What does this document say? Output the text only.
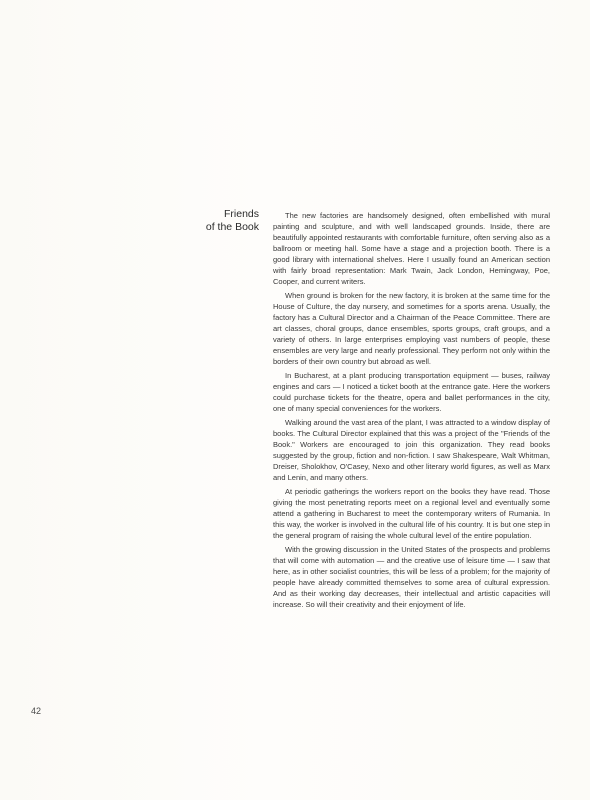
Friends
of the Book

The new factories are handsomely designed, often embellished with mural painting and sculpture, and with well landscaped grounds. Inside, there are beautifully appointed restaurants with comfortable furniture, often serving also as a ballroom or meeting hall. Some have a stage and a projection booth. There is a good library with international shelves. Here I usually found an American section with fairly broad representation: Mark Twain, Jack London, Hemingway, Poe, Cooper, and current writers.

When ground is broken for the new factory, it is broken at the same time for the House of Culture, the day nursery, and sometimes for a sports arena. Usually, the factory has a Cultural Director and a Chairman of the Peace Committee. There are art classes, choral groups, dance ensembles, sports groups, craft groups, and a variety of others. In large enterprises employing vast numbers of people, these ensembles are very large and nearly professional. They perform not only within the borders of their own country but abroad as well.

In Bucharest, at a plant producing transportation equipment — buses, railway engines and cars — I noticed a ticket booth at the entrance gate. Here the workers could purchase tickets for the theatre, opera and ballet performances in the city, one of many special conveniences for the workers.

Walking around the vast area of the plant, I was attracted to a window display of books. The Cultural Director explained that this was a project of the "Friends of the Book." Workers are encouraged to join this organization. They read books suggested by the group, fiction and non-fiction. I saw Shakespeare, Walt Whitman, Dreiser, Sholokhov, O'Casey, Nexo and other literary world figures, as well as Marx and Lenin, and many others.

At periodic gatherings the workers report on the books they have read. Those giving the most penetrating reports meet on a regional level and eventually some attend a gathering in Bucharest to meet the contemporary writers of Rumania. In this way, the worker is involved in the cultural life of his country. It is but one step in the general program of raising the whole cultural level of the entire population.

With the growing discussion in the United States of the prospects and problems that will come with automation — and the creative use of leisure time — I saw that here, as in other socialist countries, this will be less of a problem; for the majority of people have already committed themselves to some area of cultural expression. And as their working day decreases, their intellectual and artistic capacities will increase. So will their creativity and their enjoyment of life.

42
